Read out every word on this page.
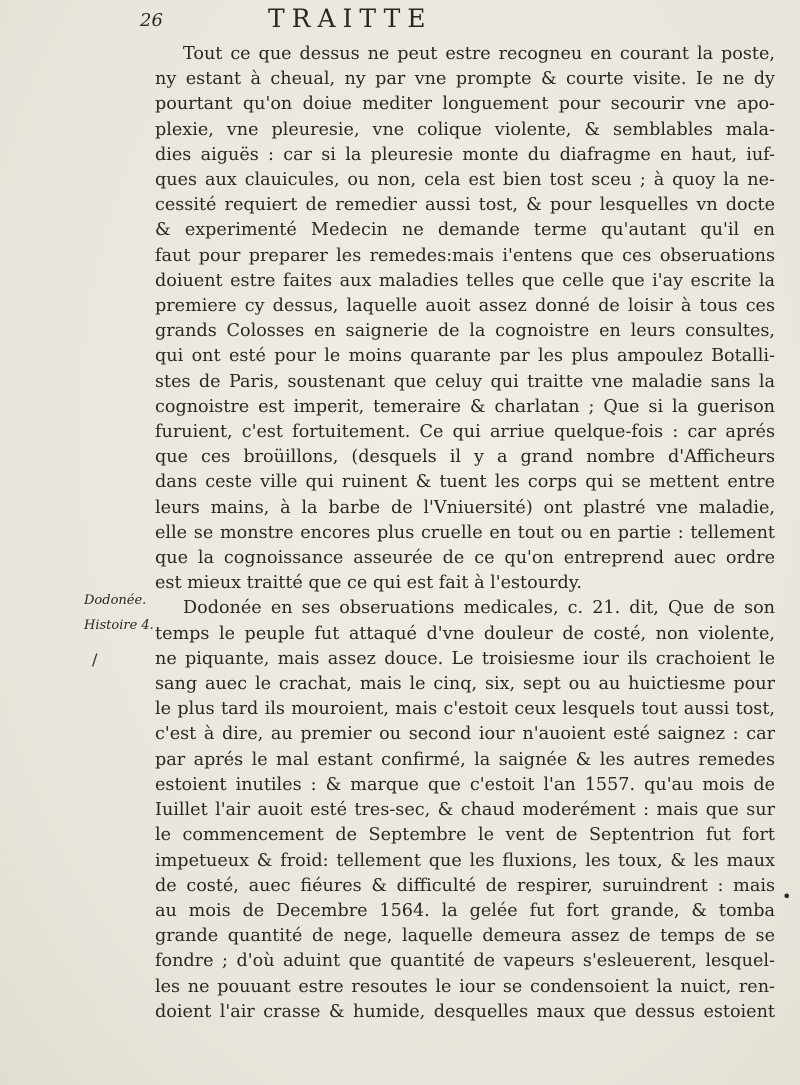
26	TRAITTE
Dodonée.
Histoire 4.
/
•
Tout ce que dessus ne peut estre recogneu en courant la poste,
ny estant à cheual, ny par vne prompte & courte visite. Ie ne dy
pourtant qu'on doiue mediter longuement pour secourir vne apo-
plexie, vne pleuresie, vne colique violente, & semblables mala-
dies aiguës : car si la pleuresie monte du diafragme en haut, iuf-
ques aux clauicules, ou non, cela est bien tost sceu ; à quoy la ne-
cessité requiert de remedier aussi tost, & pour lesquelles vn docte
& experimenté Medecin ne demande terme qu'autant qu'il en
faut pour preparer les remedes:mais i'entens que ces obseruations
doiuent estre faites aux maladies telles que celle que i'ay escrite la
premiere cy dessus, laquelle auoit assez donné de loisir à tous ces
grands Colosses en saignerie de la cognoistre en leurs consultes,
qui ont esté pour le moins quarante par les plus ampoulez Botalli-
stes de Paris, soustenant que celuy qui traitte vne maladie sans la
cognoistre est imperit, temeraire & charlatan ; Que si la guerison
furuient, c'est fortuitement. Ce qui arriue quelque-fois : car aprés
que ces broüillons, (desquels il y a grand nombre d'Afficheurs
dans ceste ville qui ruinent & tuent les corps qui se mettent entre
leurs mains, à la barbe de l'Vniuersité) ont plastré vne maladie,
elle se monstre encores plus cruelle en tout ou en partie : tellement
que la cognoissance asseurée de ce qu'on entreprend auec ordre
est mieux traitté que ce qui est fait à l'estourdy.
Dodonée en ses obseruations medicales, c. 21. dit, Que de son
temps le peuple fut attaqué d'vne douleur de costé, non violente,
ne piquante, mais assez douce. Le troisiesme iour ils crachoient le
sang auec le crachat, mais le cinq, six, sept ou au huictiesme pour
le plus tard ils mouroient, mais c'estoit ceux lesquels tout aussi tost,
c'est à dire, au premier ou second iour n'auoient esté saignez : car
par aprés le mal estant confirmé, la saignée & les autres remedes
estoient inutiles : & marque que c'estoit l'an 1557. qu'au mois de
Iuillet l'air auoit esté tres-sec, & chaud moderément : mais que sur
le commencement de Septembre le vent de Septentrion fut fort
impetueux & froid: tellement que les fluxions, les toux, & les maux
de costé, auec fiéures & difficulté de respirer, suruindrent : mais
au mois de Decembre 1564. la gelée fut fort grande, & tomba
grande quantité de nege, laquelle demeura assez de temps de se
fondre ; d'où aduint que quantité de vapeurs s'esleuerent, lesquel-
les ne pouuant estre resoutes le iour se condensoient la nuict, ren-
doient l'air crasse & humide, desquelles maux que dessus estoient
